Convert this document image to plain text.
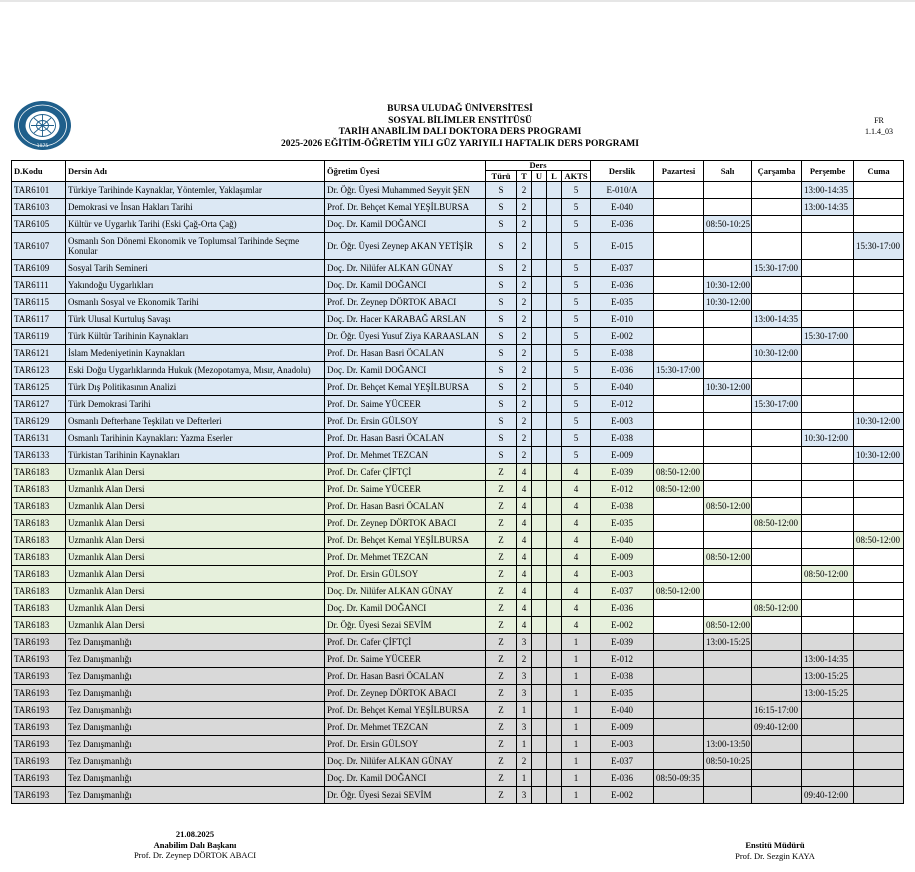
1975
BURSA ULUDAĞ ÜNİVERSİTESİ
SOSYAL BİLİMLER ENSTİTÜSÜ
TARİH ANABİLİM DALI DOKTORA DERS PROGRAMI
2025-2026 EĞİTİM-ÖĞRETİM YILI GÜZ YARIYILI HAFTALIK DERS PORGRAMI
FR
1.1.4_03
D.Kodu	Dersin Adı	Öğretim Üyesi	Ders					Derslik	Pazartesi	Salı	Çarşamba	Perşembe	Cuma
			Türü	T	U	L	AKTS						
TAR6101	Türkiye Tarihinde Kaynaklar, Yöntemler, Yaklaşımlar	Dr. Öğr. Üyesi Muhammed Seyyit ŞEN	S	2			5	E-010/A				13:00-14:35	
TAR6103	Demokrasi ve İnsan Hakları Tarihi	Prof. Dr. Behçet Kemal YEŞİLBURSA	S	2			5	E-040				13:00-14:35	
TAR6105	Kültür ve Uygarlık Tarihi (Eski Çağ-Orta Çağ)	Doç. Dr. Kamil DOĞANCI	S	2			5	E-036		08:50-10:25			
TAR6107	Osmanlı Son Dönemi Ekonomik ve Toplumsal Tarihinde Seçme Konular	Dr. Öğr. Üyesi Zeynep AKAN YETİŞİR	S	2			5	E-015					15:30-17:00
TAR6109	Sosyal Tarih Semineri	Doç. Dr. Nilüfer ALKAN GÜNAY	S	2			5	E-037			15:30-17:00		
TAR6111	Yakındoğu Uygarlıkları	Doç. Dr. Kamil DOĞANCI	S	2			5	E-036		10:30-12:00			
TAR6115	Osmanlı Sosyal ve Ekonomik Tarihi	Prof. Dr. Zeynep DÖRTOK ABACI	S	2			5	E-035		10:30-12:00			
TAR6117	Türk Ulusal Kurtuluş Savaşı	Doç. Dr. Hacer KARABAĞ ARSLAN	S	2			5	E-010			13:00-14:35		
TAR6119	Türk Kültür Tarihinin Kaynakları	Dr. Öğr. Üyesi Yusuf Ziya KARAASLAN	S	2			5	E-002				15:30-17:00	
TAR6121	İslam Medeniyetinin Kaynakları	Prof. Dr. Hasan Basri ÖCALAN	S	2			5	E-038			10:30-12:00		
TAR6123	Eski Doğu Uygarlıklarında Hukuk (Mezopotamya, Mısır, Anadolu)	Doç. Dr. Kamil DOĞANCI	S	2			5	E-036	15:30-17:00				
TAR6125	Türk Dış Politikasının Analizi	Prof. Dr. Behçet Kemal YEŞİLBURSA	S	2			5	E-040		10:30-12:00			
TAR6127	Türk Demokrasi Tarihi	Prof. Dr. Saime YÜCEER	S	2			5	E-012			15:30-17:00		
TAR6129	Osmanlı Defterhane Teşkilatı ve Defterleri	Prof. Dr. Ersin GÜLSOY	S	2			5	E-003					10:30-12:00
TAR6131	Osmanlı Tarihinin Kaynakları: Yazma Eserler	Prof. Dr. Hasan Basri ÖCALAN	S	2			5	E-038				10:30-12:00	
TAR6133	Türkistan Tarihinin Kaynakları	Prof. Dr. Mehmet TEZCAN	S	2			5	E-009					10:30-12:00
TAR6183	Uzmanlık Alan Dersi	Prof. Dr. Cafer ÇİFTÇİ	Z	4			4	E-039	08:50-12:00				
TAR6183	Uzmanlık Alan Dersi	Prof. Dr. Saime YÜCEER	Z	4			4	E-012	08:50-12:00				
TAR6183	Uzmanlık Alan Dersi	Prof. Dr. Hasan Basri ÖCALAN	Z	4			4	E-038		08:50-12:00			
TAR6183	Uzmanlık Alan Dersi	Prof. Dr. Zeynep DÖRTOK ABACI	Z	4			4	E-035			08:50-12:00		
TAR6183	Uzmanlık Alan Dersi	Prof. Dr. Behçet Kemal YEŞİLBURSA	Z	4			4	E-040					08:50-12:00
TAR6183	Uzmanlık Alan Dersi	Prof. Dr. Mehmet TEZCAN	Z	4			4	E-009		08:50-12:00			
TAR6183	Uzmanlık Alan Dersi	Prof. Dr. Ersin GÜLSOY	Z	4			4	E-003				08:50-12:00	
TAR6183	Uzmanlık Alan Dersi	Doç. Dr. Nilüfer ALKAN GÜNAY	Z	4			4	E-037	08:50-12:00				
TAR6183	Uzmanlık Alan Dersi	Doç. Dr. Kamil DOĞANCI	Z	4			4	E-036			08:50-12:00		
TAR6183	Uzmanlık Alan Dersi	Dr. Öğr. Üyesi Sezai SEVİM	Z	4			4	E-002		08:50-12:00			
TAR6193	Tez Danışmanlığı	Prof. Dr. Cafer ÇİFTÇİ	Z	3			1	E-039		13:00-15:25			
TAR6193	Tez Danışmanlığı	Prof. Dr. Saime YÜCEER	Z	2			1	E-012				13:00-14:35	
TAR6193	Tez Danışmanlığı	Prof. Dr. Hasan Basri ÖCALAN	Z	3			1	E-038				13:00-15:25	
TAR6193	Tez Danışmanlığı	Prof. Dr. Zeynep DÖRTOK ABACI	Z	3			1	E-035				13:00-15:25	
TAR6193	Tez Danışmanlığı	Prof. Dr. Behçet Kemal YEŞİLBURSA	Z	1			1	E-040			16:15-17:00		
TAR6193	Tez Danışmanlığı	Prof. Dr. Mehmet TEZCAN	Z	3			1	E-009			09:40-12:00		
TAR6193	Tez Danışmanlığı	Prof. Dr. Ersin GÜLSOY	Z	1			1	E-003		13:00-13:50			
TAR6193	Tez Danışmanlığı	Doç. Dr. Nilüfer ALKAN GÜNAY	Z	2			1	E-037		08:50-10:25			
TAR6193	Tez Danışmanlığı	Doç. Dr. Kamil DOĞANCI	Z	1			1	E-036	08:50-09:35				
TAR6193	Tez Danışmanlığı	Dr. Öğr. Üyesi Sezai SEVİM	Z	3			1	E-002				09:40-12:00	
21.08.2025
Anabilim Dalı Başkanı
Prof. Dr. Zeynep DÖRTOK ABACI
Enstitü Müdürü
Prof. Dr. Sezgin KAYA
